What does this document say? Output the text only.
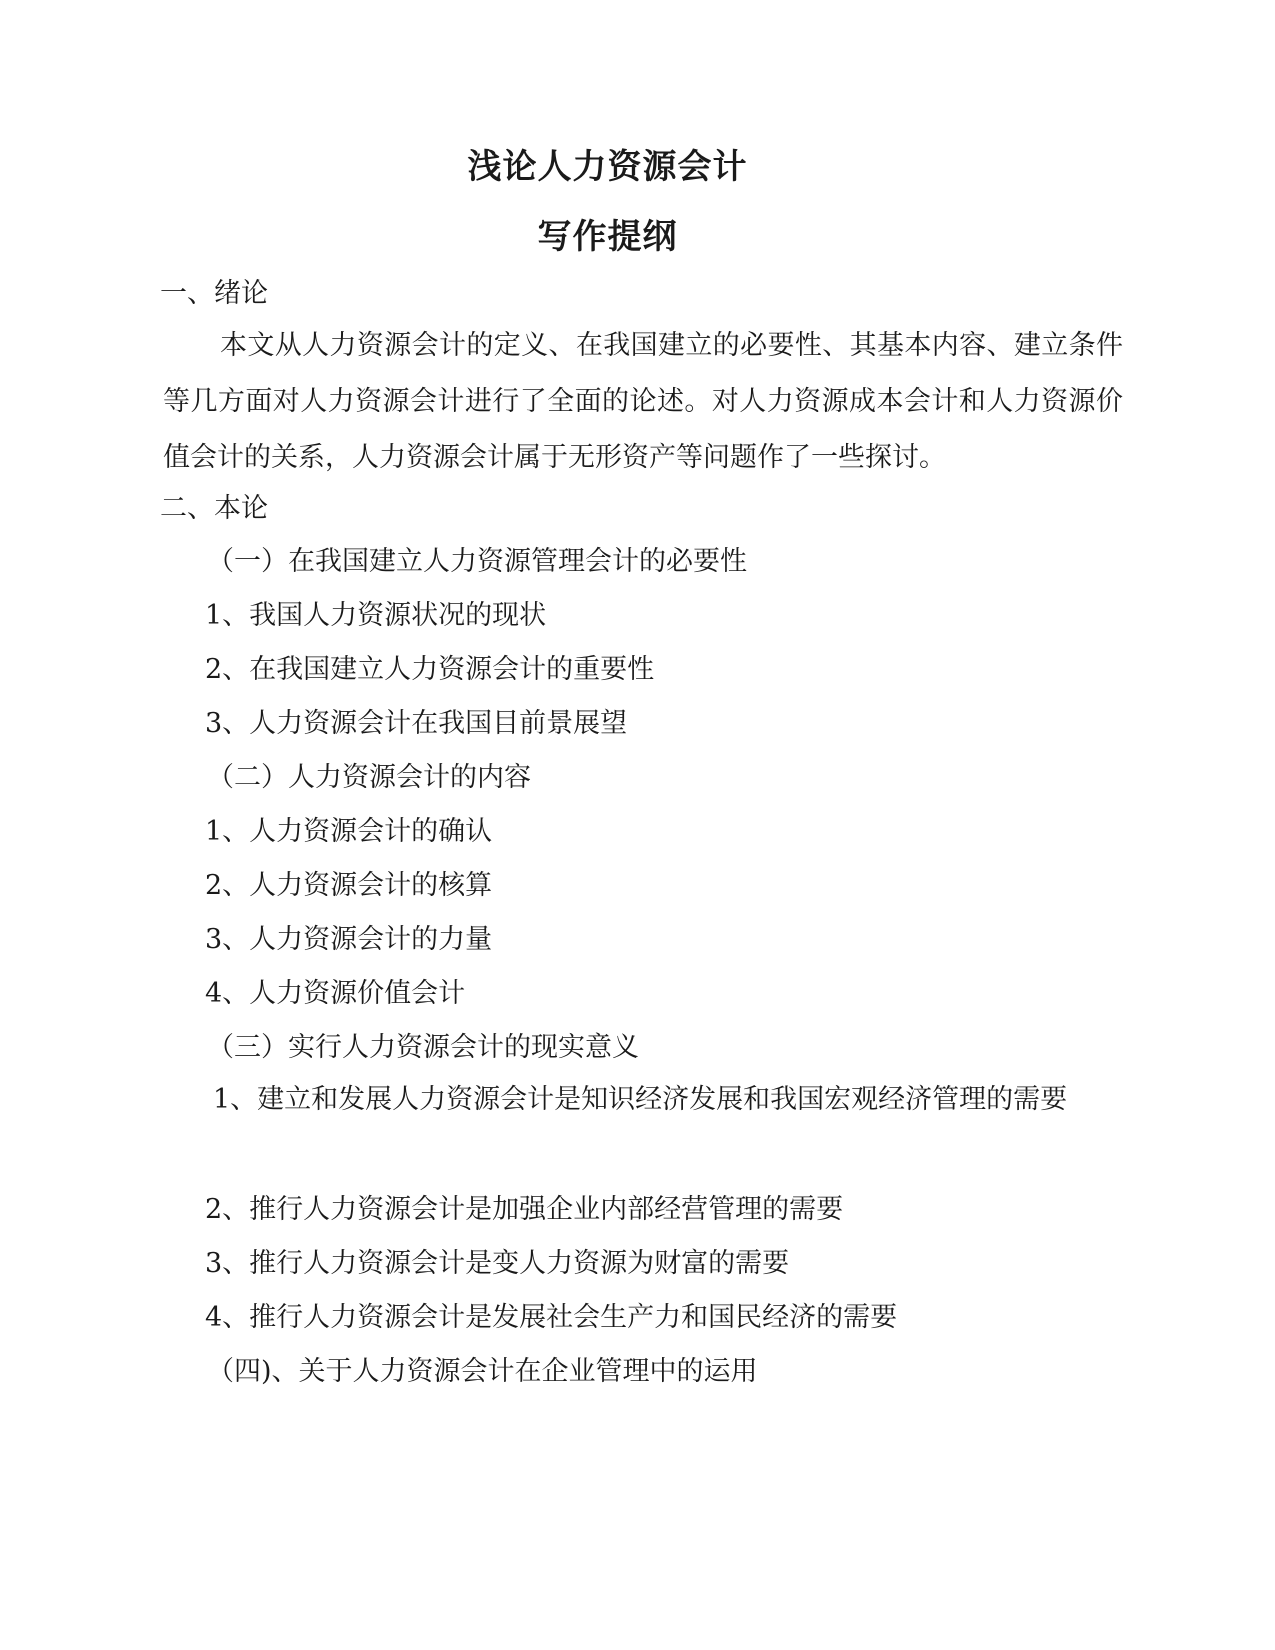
浅论人力资源会计
写作提纲

一、绪论

本文从人力资源会计的定义、在我国建立的必要性、其基本内容、建立条件等几方面对人力资源会计进行了全面的论述。对人力资源成本会计和人力资源价值会计的关系，人力资源会计属于无形资产等问题作了一些探讨。

二、本论

（一）在我国建立人力资源管理会计的必要性

1、我国人力资源状况的现状

2、在我国建立人力资源会计的重要性

3、人力资源会计在我国目前景展望

（二）人力资源会计的内容

1、人力资源会计的确认

2、人力资源会计的核算

3、人力资源会计的力量

4、人力资源价值会计

（三）实行人力资源会计的现实意义

1、建立和发展人力资源会计是知识经济发展和我国宏观经济管理的需要

2、推行人力资源会计是加强企业内部经营管理的需要

3、推行人力资源会计是变人力资源为财富的需要

4、推行人力资源会计是发展社会生产力和国民经济的需要

（四)、关于人力资源会计在企业管理中的运用
